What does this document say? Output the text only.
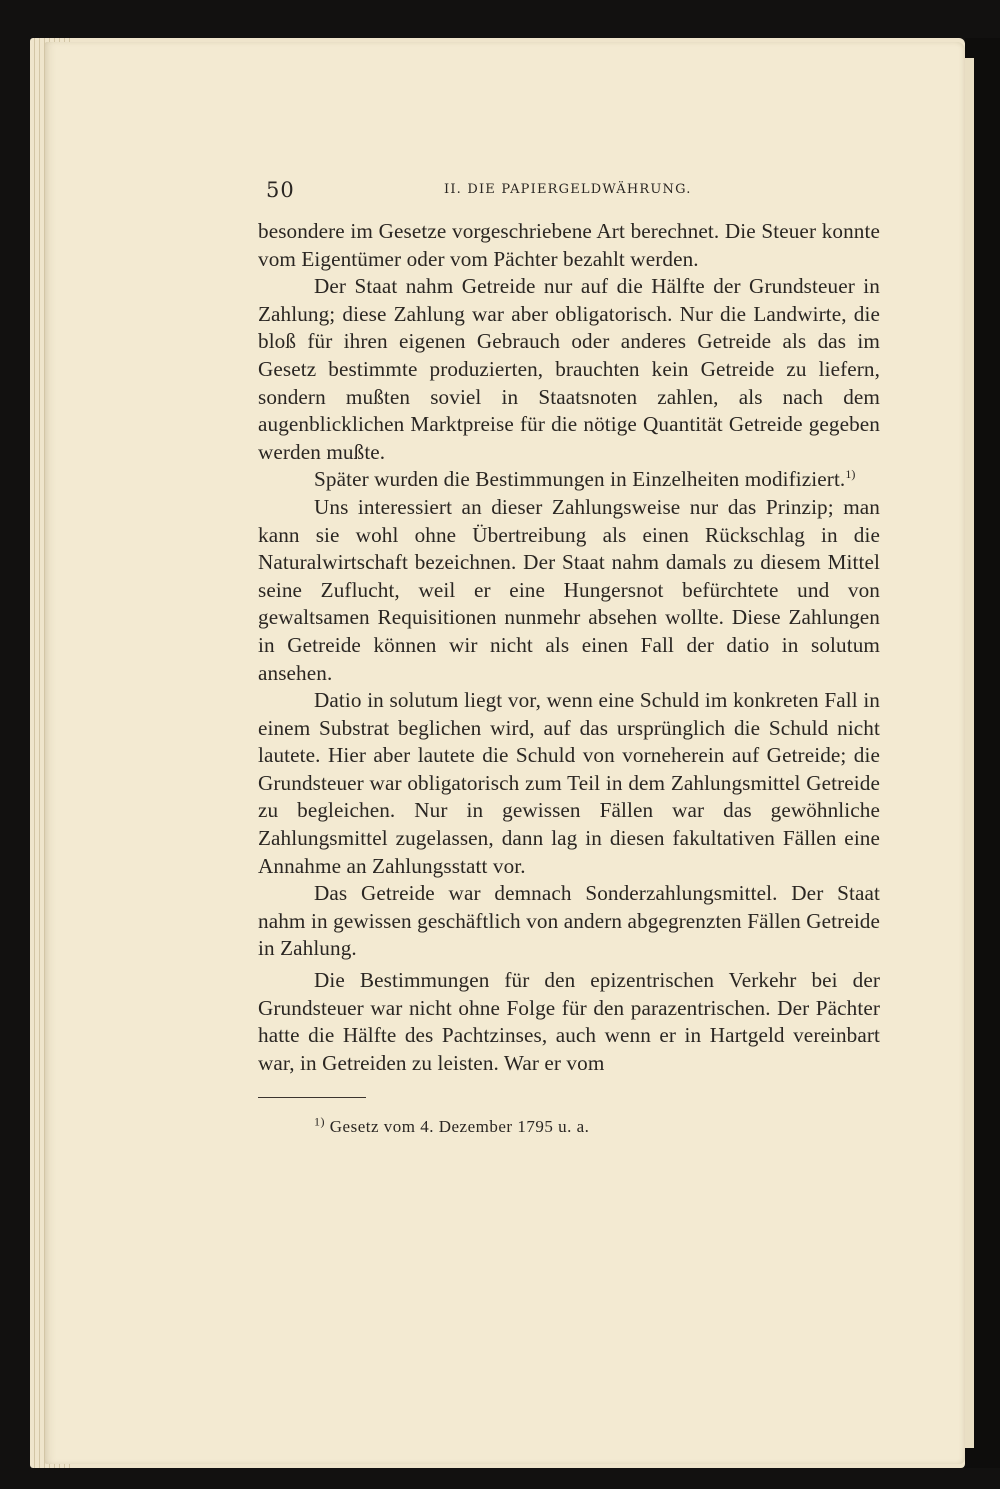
50	II. DIE PAPIERGELDWÄHRUNG.

besondere im Gesetze vorgeschriebene Art berechnet. Die Steuer konnte vom Eigentümer oder vom Pächter bezahlt werden.

Der Staat nahm Getreide nur auf die Hälfte der Grundsteuer in Zahlung; diese Zahlung war aber obligatorisch. Nur die Landwirte, die bloß für ihren eigenen Gebrauch oder anderes Getreide als das im Gesetz bestimmte produzierten, brauchten kein Getreide zu liefern, sondern mußten soviel in Staatsnoten zahlen, als nach dem augenblicklichen Marktpreise für die nötige Quantität Getreide gegeben werden mußte.

Später wurden die Bestimmungen in Einzelheiten modifiziert.$^{1)}$

Uns interessiert an dieser Zahlungsweise nur das Prinzip; man kann sie wohl ohne Übertreibung als einen Rückschlag in die Naturalwirtschaft bezeichnen. Der Staat nahm damals zu diesem Mittel seine Zuflucht, weil er eine Hungersnot befürchtete und von gewaltsamen Requisitionen nunmehr absehen wollte. Diese Zahlungen in Getreide können wir nicht als einen Fall der datio in solutum ansehen.

Datio in solutum liegt vor, wenn eine Schuld im konkreten Fall in einem Substrat beglichen wird, auf das ursprünglich die Schuld nicht lautete. Hier aber lautete die Schuld von vorneherein auf Getreide; die Grundsteuer war obligatorisch zum Teil in dem Zahlungsmittel Getreide zu begleichen. Nur in gewissen Fällen war das gewöhnliche Zahlungsmittel zugelassen, dann lag in diesen fakultativen Fällen eine Annahme an Zahlungsstatt vor.

Das Getreide war demnach Sonderzahlungsmittel. Der Staat nahm in gewissen geschäftlich von andern abgegrenzten Fällen Getreide in Zahlung.

Die Bestimmungen für den epizentrischen Verkehr bei der Grundsteuer war nicht ohne Folge für den parazentrischen. Der Pächter hatte die Hälfte des Pachtzinses, auch wenn er in Hartgeld vereinbart war, in Getreiden zu leisten. War er vom

$^{1)}$ Gesetz vom 4. Dezember 1795 u. a.
